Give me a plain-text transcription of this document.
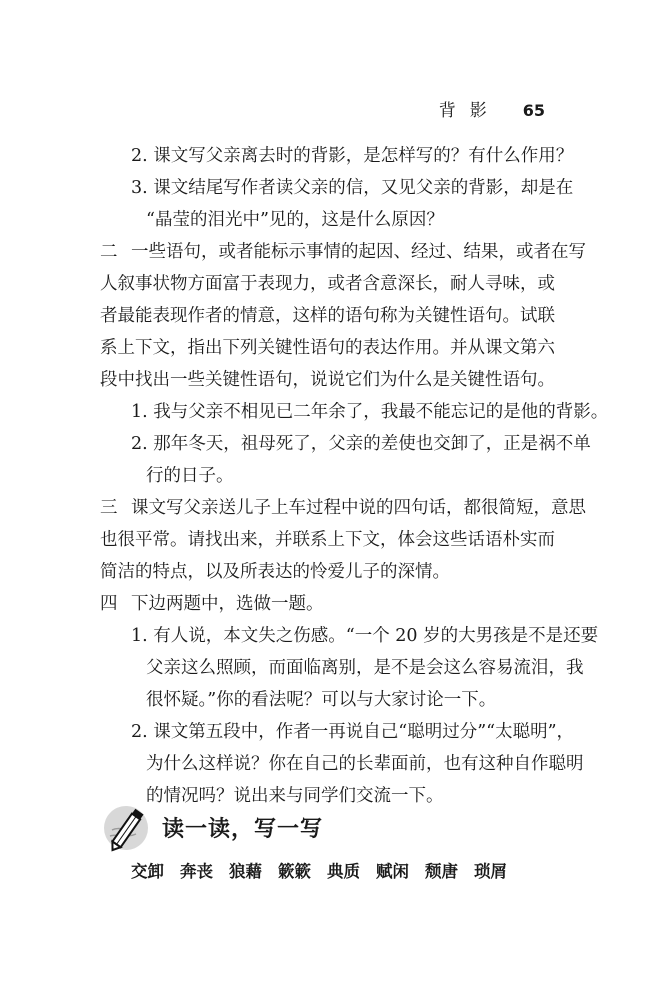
背影 65
2. 课文写父亲离去时的背影，是怎样写的？有什么作用？
3. 课文结尾写作者读父亲的信，又见父亲的背影，却是在
“晶莹的泪光中”见的，这是什么原因？
二 一些语句，或者能标示事情的起因、经过、结果，或者在写
人叙事状物方面富于表现力，或者含意深长，耐人寻味，或
者最能表现作者的情意，这样的语句称为关键性语句。试联
系上下文，指出下列关键性语句的表达作用。并从课文第六
段中找出一些关键性语句，说说它们为什么是关键性语句。
1. 我与父亲不相见已二年余了，我最不能忘记的是他的背影。
2. 那年冬天，祖母死了，父亲的差使也交卸了，正是祸不单
行的日子。
三 课文写父亲送儿子上车过程中说的四句话，都很简短，意思
也很平常。请找出来，并联系上下文，体会这些话语朴实而
简洁的特点，以及所表达的怜爱儿子的深情。
四 下边两题中，选做一题。
1. 有人说，本文失之伤感。“一个 20 岁的大男孩是不是还要
父亲这么照顾，而面临离别，是不是会这么容易流泪，我
很怀疑。”你的看法呢？可以与大家讨论一下。
2. 课文第五段中，作者一再说自己“聪明过分”“太聪明”，
为什么这样说？你在自己的长辈面前，也有这种自作聪明
的情况吗？说出来与同学们交流一下。
读一读，写一写
交卸 奔丧 狼藉 簌簌 典质 赋闲 颓唐 琐屑
